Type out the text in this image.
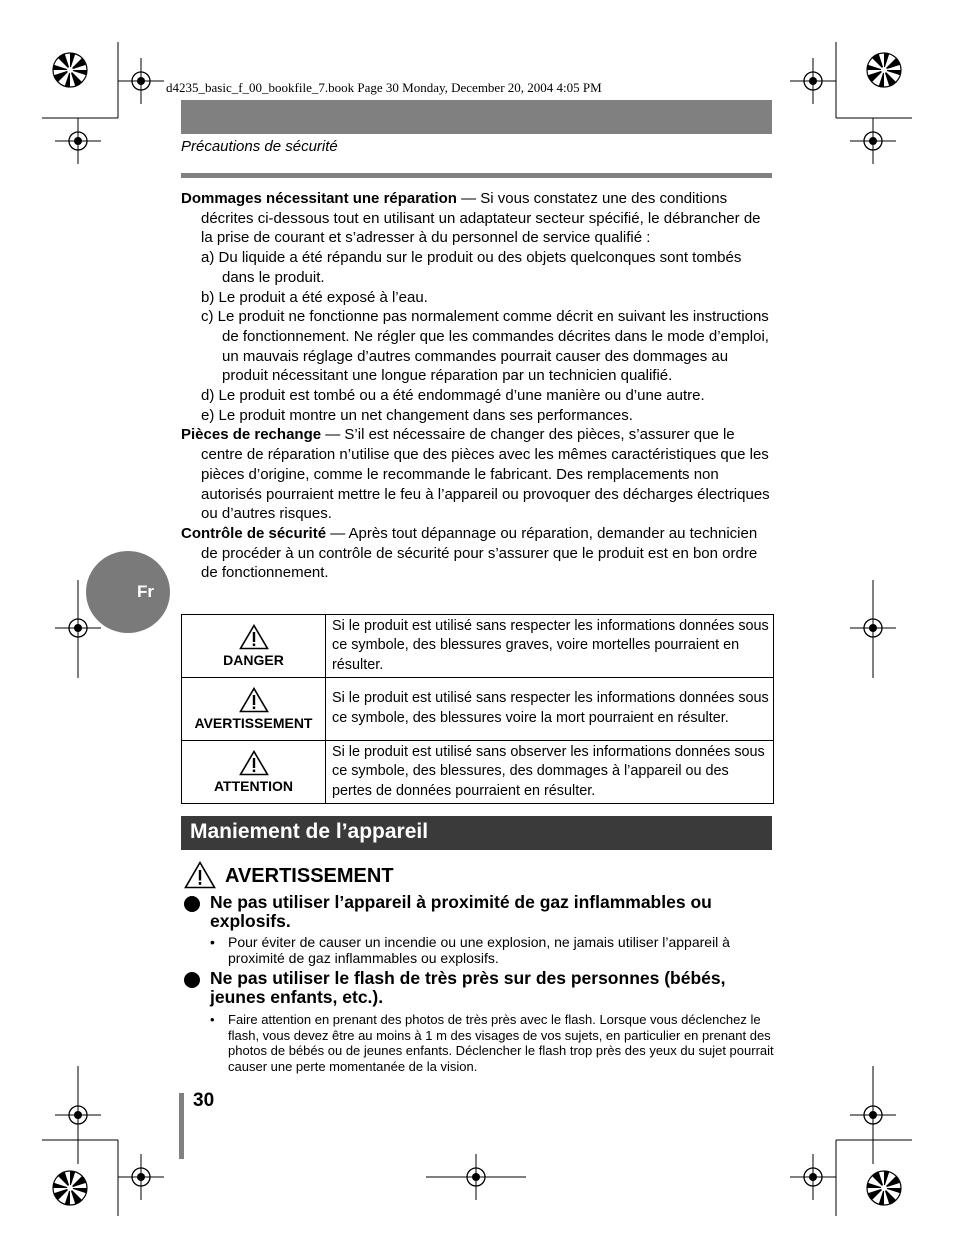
d4235_basic_f_00_bookfile_7.book Page 30 Monday, December 20, 2004 4:05 PM
Précautions de sécurité
Fr

Dommages nécessitant une réparation — Si vous constatez une des conditions décrites ci-dessous tout en utilisant un adaptateur secteur spécifié, le débrancher de la prise de courant et s’adresser à du personnel de service qualifié :

a) Du liquide a été répandu sur le produit ou des objets quelconques sont tombés dans le produit.

b) Le produit a été exposé à l’eau.

c) Le produit ne fonctionne pas normalement comme décrit en suivant les instructions de fonctionnement. Ne régler que les commandes décrites dans le mode d’emploi, un mauvais réglage d’autres commandes pourrait causer des dommages au produit nécessitant une longue réparation par un technicien qualifié.

d) Le produit est tombé ou a été endommagé d’une manière ou d’une autre.

e) Le produit montre un net changement dans ses performances.

Pièces de rechange — S’il est nécessaire de changer des pièces, s’assurer que le centre de réparation n’utilise que des pièces avec les mêmes caractéristiques que les pièces d’origine, comme le recommande le fabricant. Des remplacements non autorisés pourraient mettre le feu à l’appareil ou provoquer des décharges électriques ou d’autres risques.

Contrôle de sécurité — Après tout dépannage ou réparation, demander au technicien de procéder à un contrôle de sécurité pour s’assurer que le produit est en bon ordre de fonctionnement.

DANGER	Si le produit est utilisé sans respecter les informations données sous ce symbole, des blessures graves, voire mortelles pourraient en résulter.

AVERTISSEMENT	Si le produit est utilisé sans respecter les informations données sous ce symbole, des blessures voire la mort pourraient en résulter.

ATTENTION	Si le produit est utilisé sans observer les informations données sous ce symbole, des blessures, des dommages à l’appareil ou des pertes de données pourraient en résulter.
Maniement de l’appareil
AVERTISSEMENT
Ne pas utiliser l’appareil à proximité de gaz inflammables ou explosifs.
• Pour éviter de causer un incendie ou une explosion, ne jamais utiliser l’appareil à proximité de gaz inflammables ou explosifs.
Ne pas utiliser le flash de très près sur des personnes (bébés, jeunes enfants, etc.).
• Faire attention en prenant des photos de très près avec le flash. Lorsque vous déclenchez le flash, vous devez être au moins à 1 m des visages de vos sujets, en particulier en prenant des photos de bébés ou de jeunes enfants. Déclencher le flash trop près des yeux du sujet pourrait causer une perte momentanée de la vision.
30
